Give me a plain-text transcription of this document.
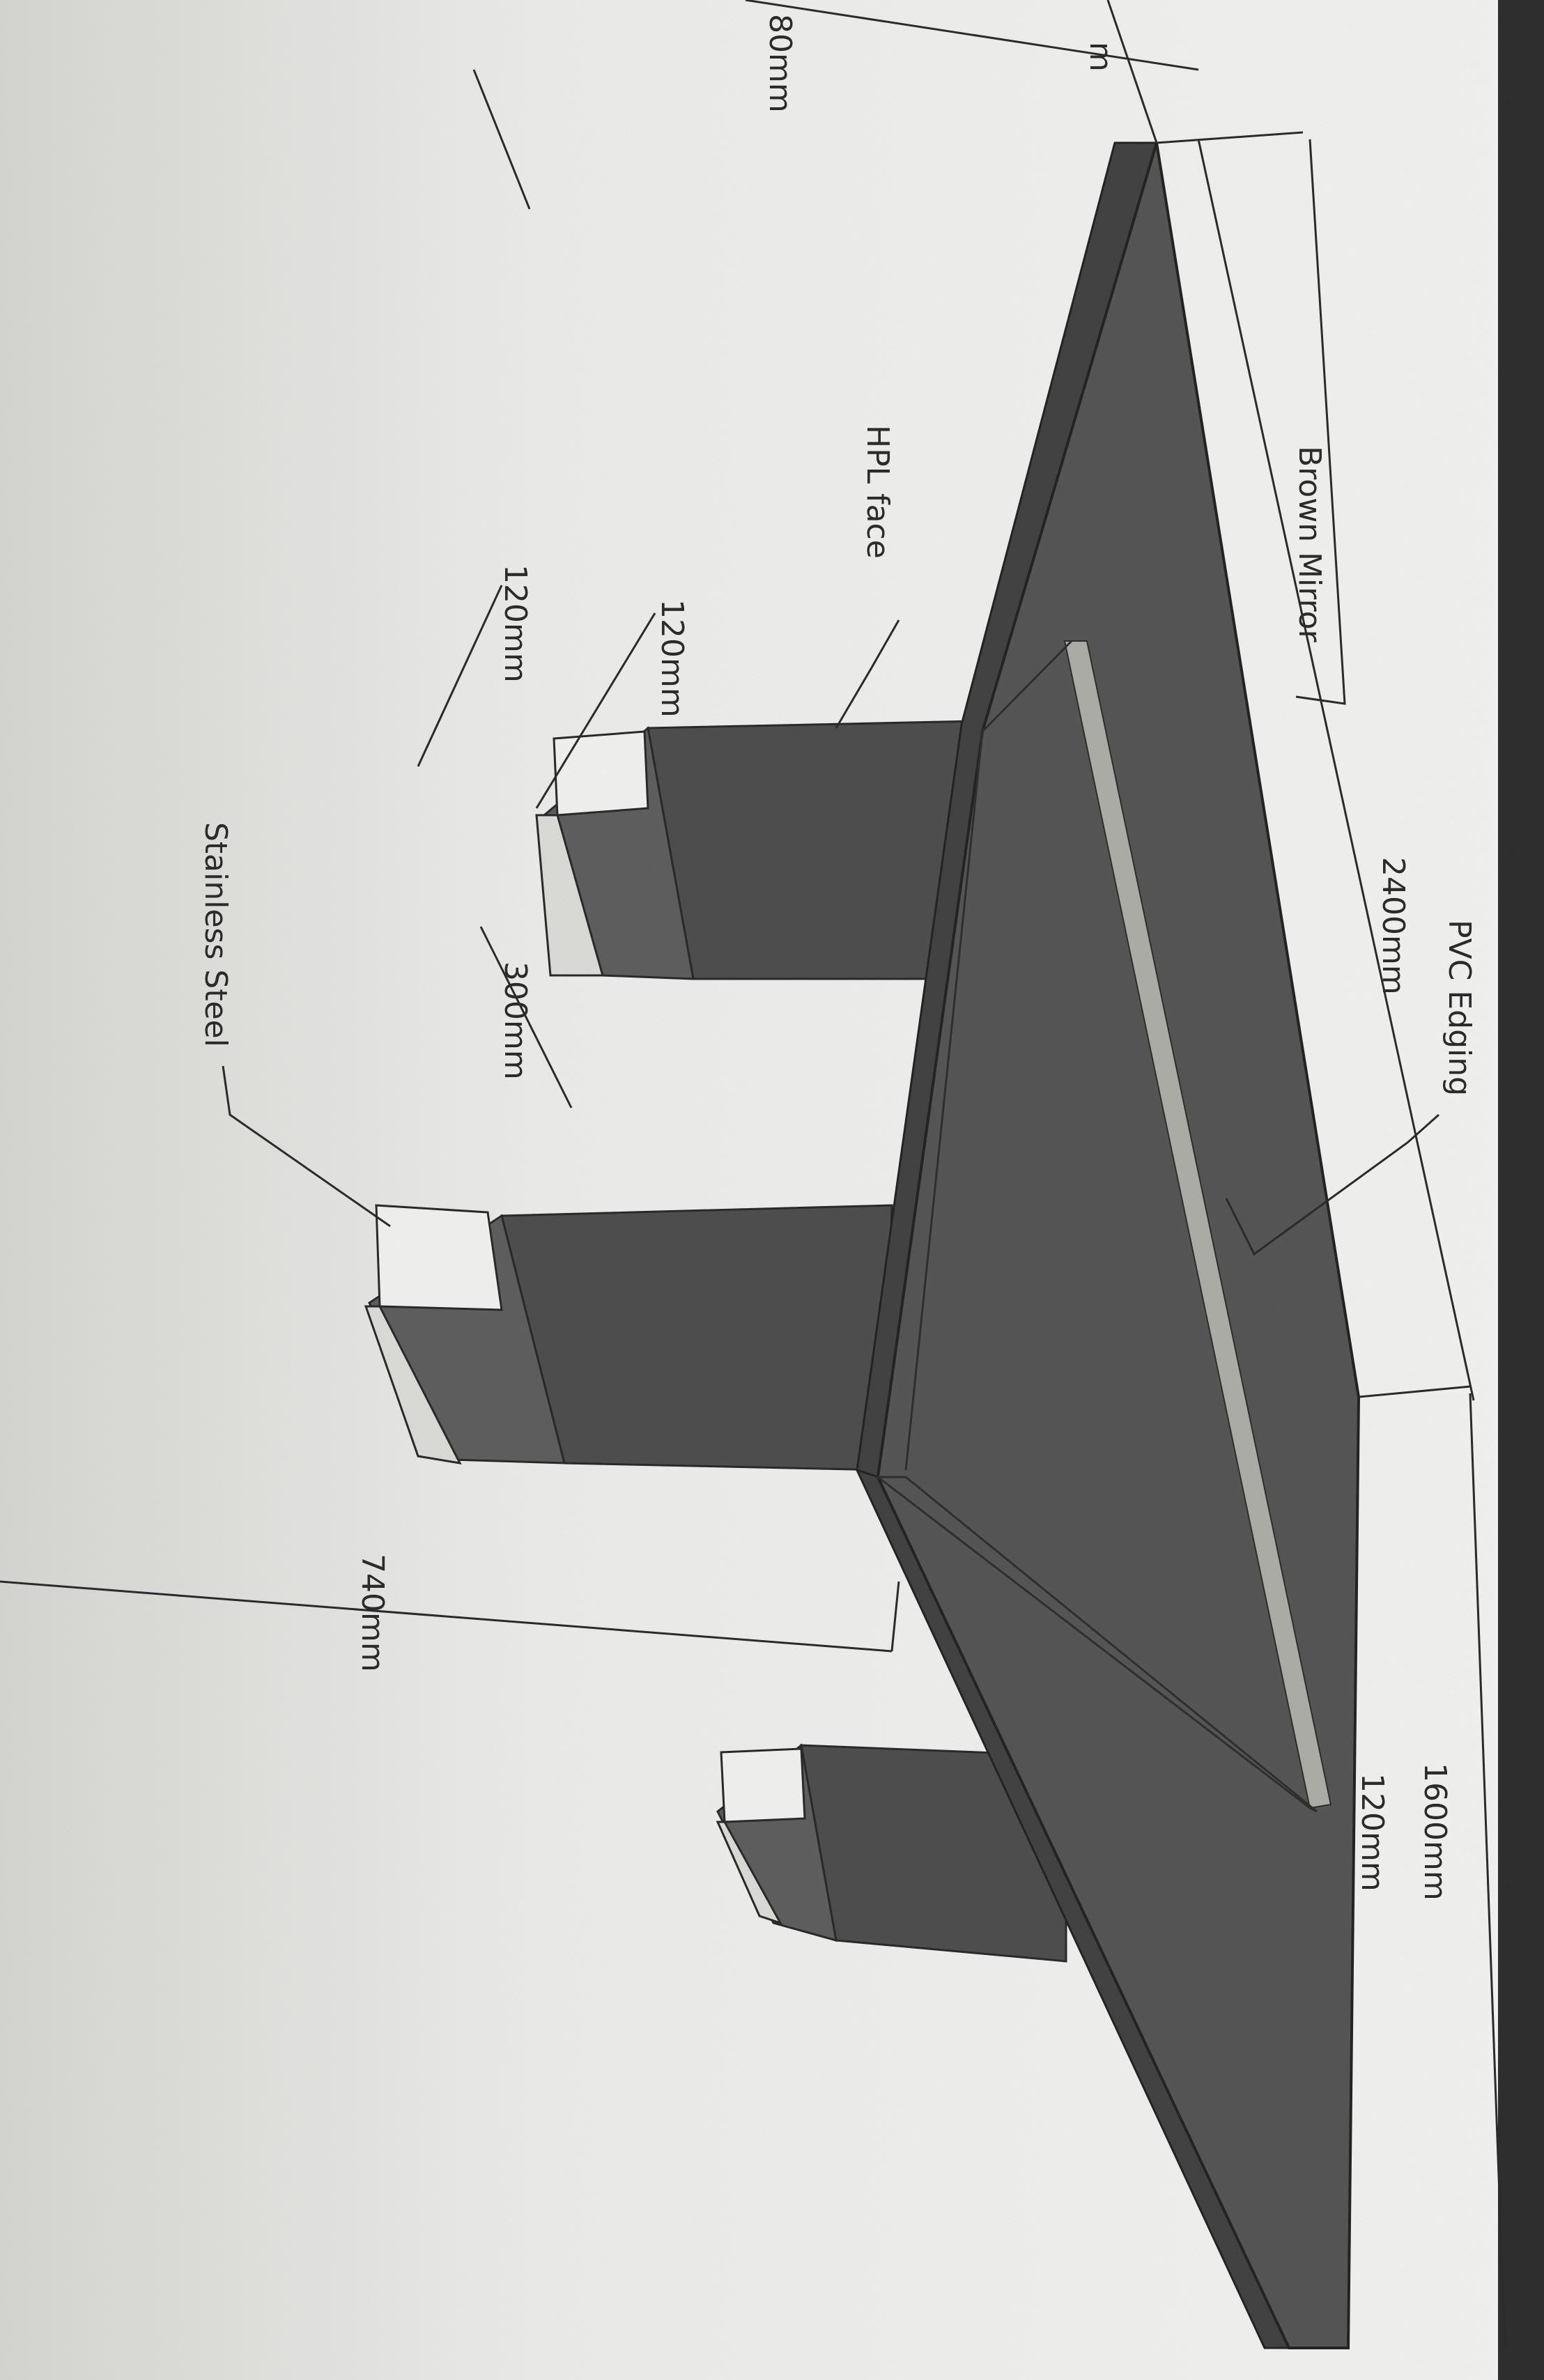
m
80mm
Brown Mirror
2400mm PVC Edging
HPL face
120mm
120mm
300mm
Stainless Steel
740mm
1600mm
120mm
